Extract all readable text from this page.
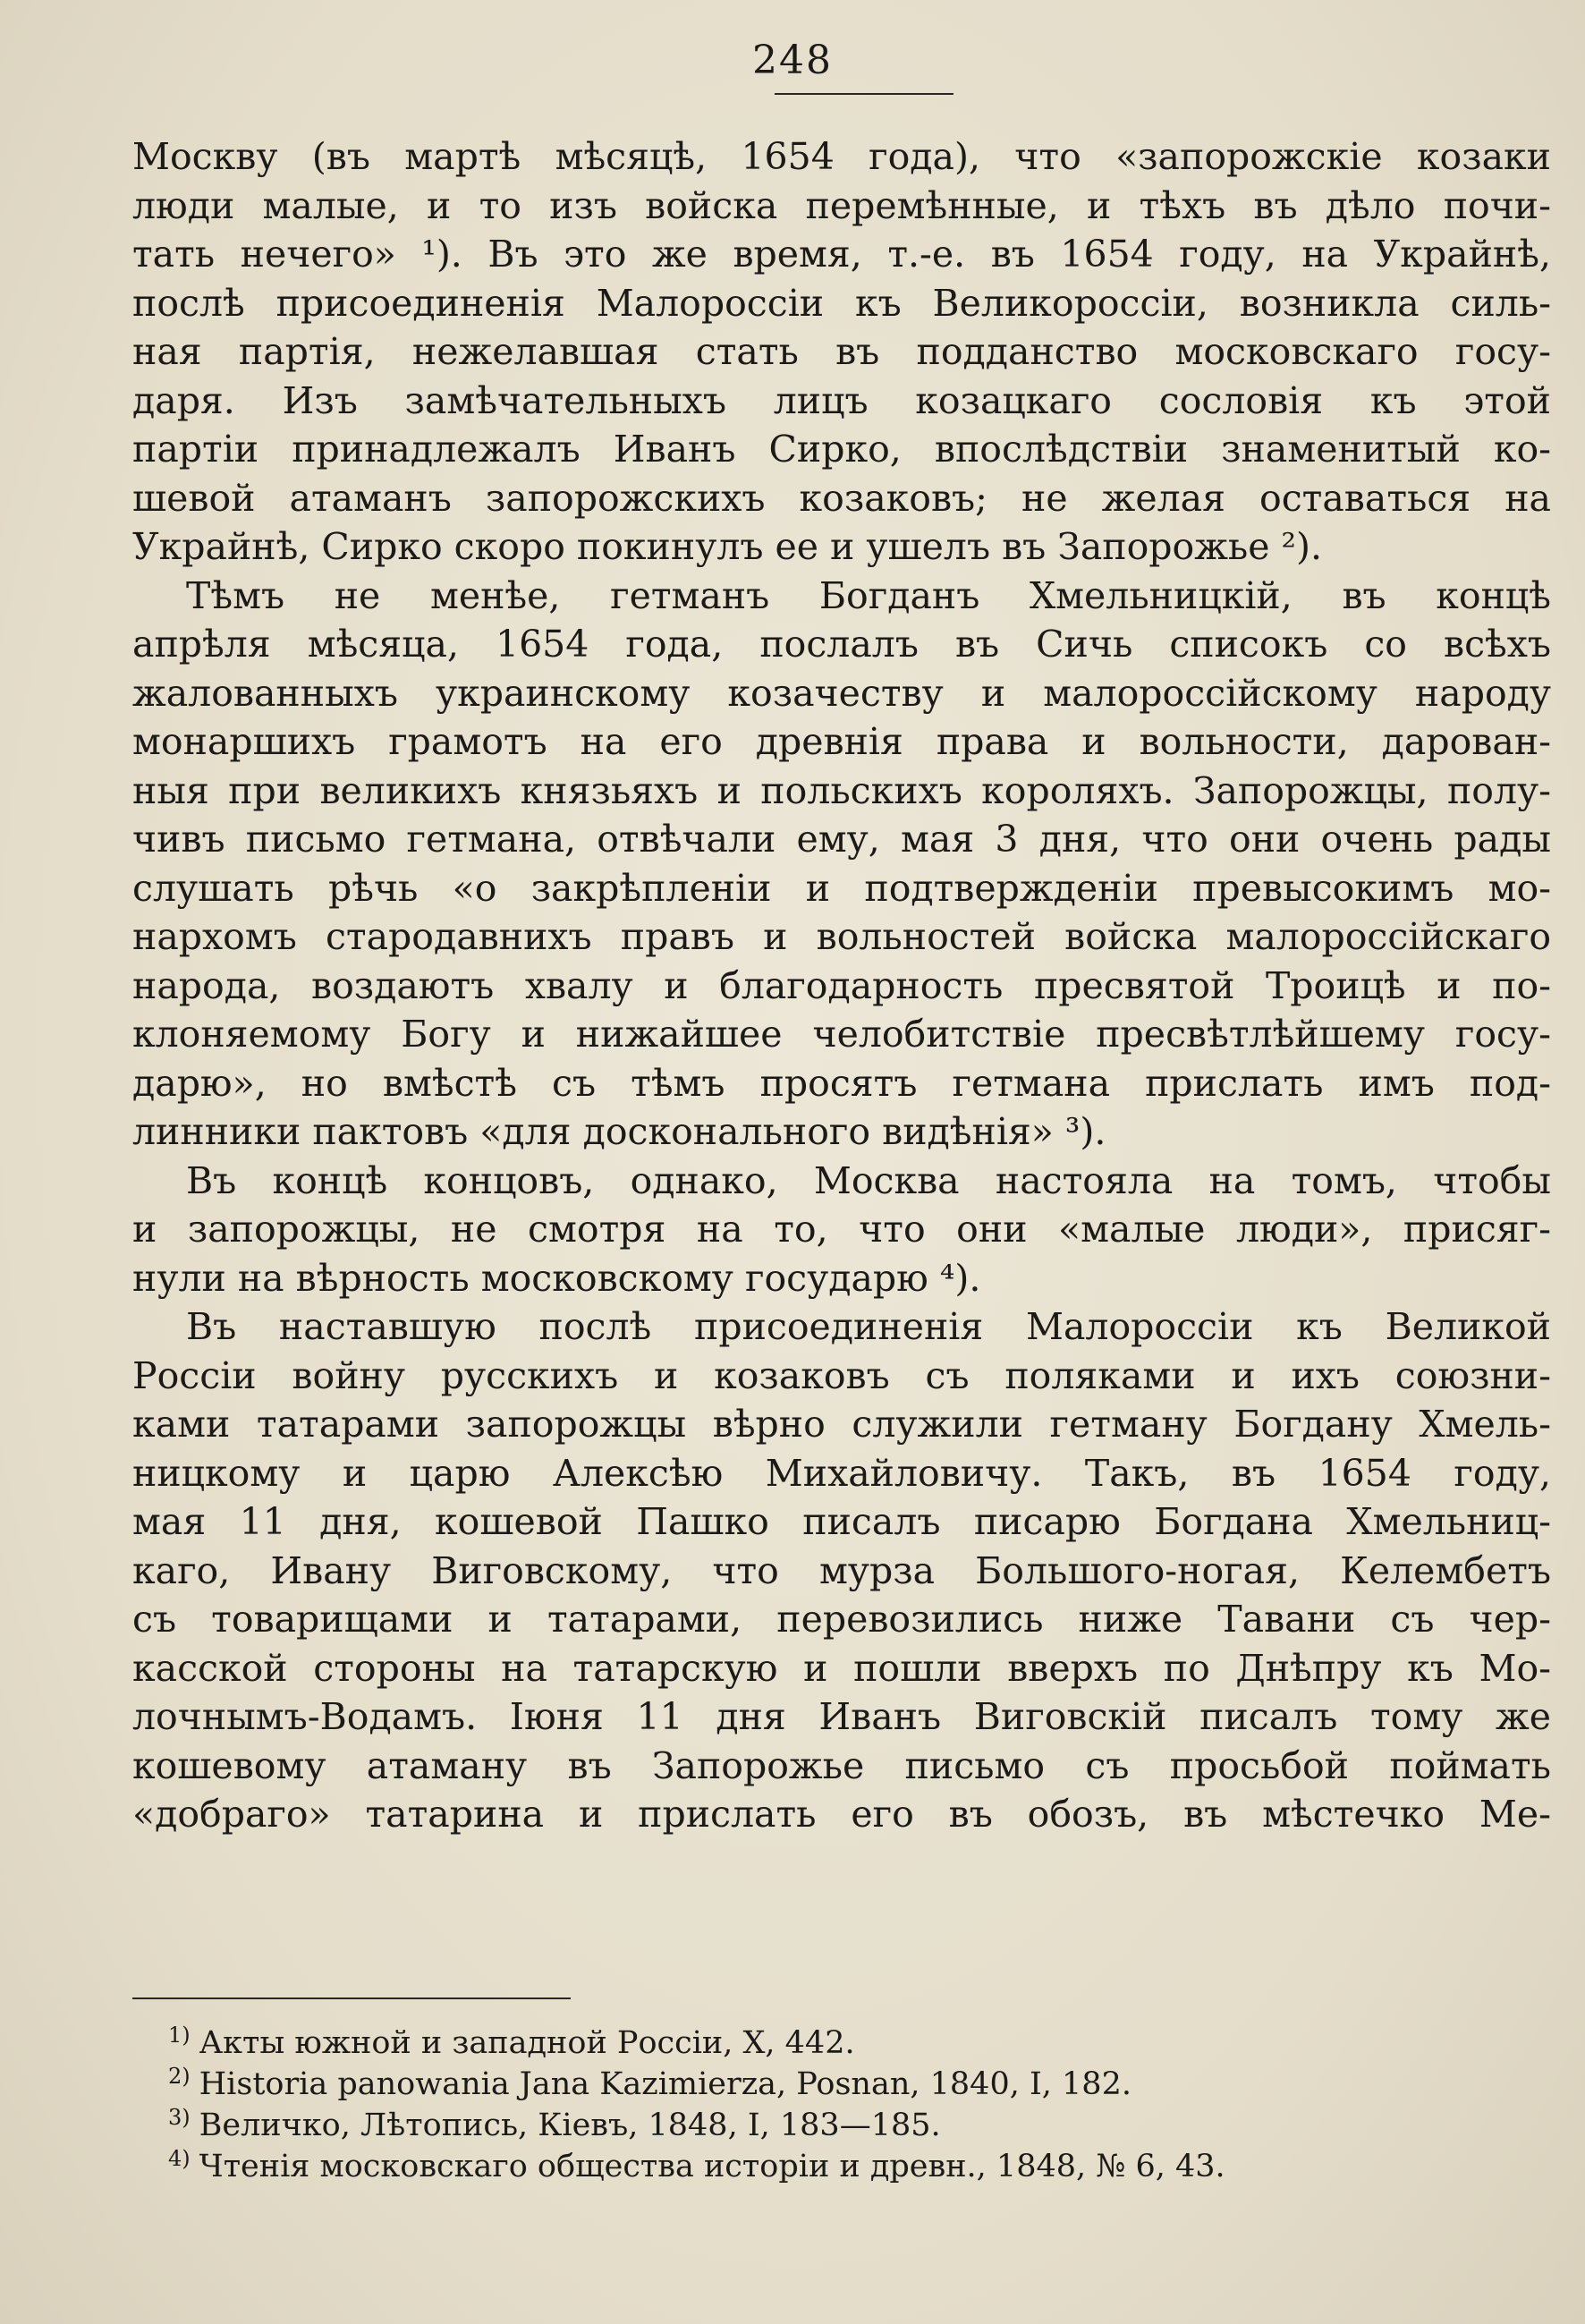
248
Москву (въ мартѣ мѣсяцѣ, 1654 года), что «запорожскіе козаки
люди малые, и то изъ войска перемѣнные, и тѣхъ въ дѣло почи-
тать нечего» ¹). Въ это же время, т.-е. въ 1654 году, на Украйнѣ,
послѣ присоединенія Малороссіи къ Великороссіи, возникла силь-
ная партія, нежелавшая стать въ подданство московскаго госу-
даря. Изъ замѣчательныхъ лицъ козацкаго сословія къ этой
партіи принадлежалъ Иванъ Сирко, впослѣдствіи знаменитый ко-
шевой атаманъ запорожскихъ козаковъ; не желая оставаться на
Украйнѣ, Сирко скоро покинулъ ее и ушелъ въ Запорожье ²).
Тѣмъ не менѣе, гетманъ Богданъ Хмельницкій, въ концѣ
апрѣля мѣсяца, 1654 года, послалъ въ Сичь списокъ со всѣхъ
жалованныхъ украинскому козачеству и малороссійскому народу
монаршихъ грамотъ на его древнія права и вольности, дарован-
ныя при великихъ князьяхъ и польскихъ короляхъ. Запорожцы, полу-
чивъ письмо гетмана, отвѣчали ему, мая 3 дня, что они очень рады
слушать рѣчь «о закрѣпленіи и подтвержденіи превысокимъ мо-
нархомъ стародавнихъ правъ и вольностей войска малороссійскаго
народа, воздаютъ хвалу и благодарность пресвятой Троицѣ и по-
клоняемому Богу и нижайшее челобитствіе пресвѣтлѣйшему госу-
дарю», но вмѣстѣ съ тѣмъ просятъ гетмана прислать имъ под-
линники пактовъ «для досконального видѣнія» ³).
Въ концѣ концовъ, однако, Москва настояла на томъ, чтобы
и запорожцы, не смотря на то, что они «малые люди», присяг-
нули на вѣрность московскому государю ⁴).
Въ наставшую послѣ присоединенія Малороссіи къ Великой
Россіи войну русскихъ и козаковъ съ поляками и ихъ союзни-
ками татарами запорожцы вѣрно служили гетману Богдану Хмель-
ницкому и царю Алексѣю Михайловичу. Такъ, въ 1654 году,
мая 11 дня, кошевой Пашко писалъ писарю Богдана Хмельниц-
каго, Ивану Виговскому, что мурза Большого-ногая, Келембетъ
съ товарищами и татарами, перевозились ниже Тавани съ чер-
касской стороны на татарскую и пошли вверхъ по Днѣпру къ Мо-
лочнымъ-Водамъ. Іюня 11 дня Иванъ Виговскій писалъ тому же
кошевому атаману въ Запорожье письмо съ просьбой поймать
«добраго» татарина и прислать его въ обозъ, въ мѣстечко Ме-
$^{1)}$ Акты южной и западной Россіи, X, 442.
$^{2)}$ Historia panowania Jana Kazimierza, Posnan, 1840, I, 182.
$^{3)}$ Величко, Лѣтопись, Кіевъ, 1848, I, 183—185.
$^{4)}$ Чтенія московскаго общества исторіи и древн., 1848, № 6, 43.
